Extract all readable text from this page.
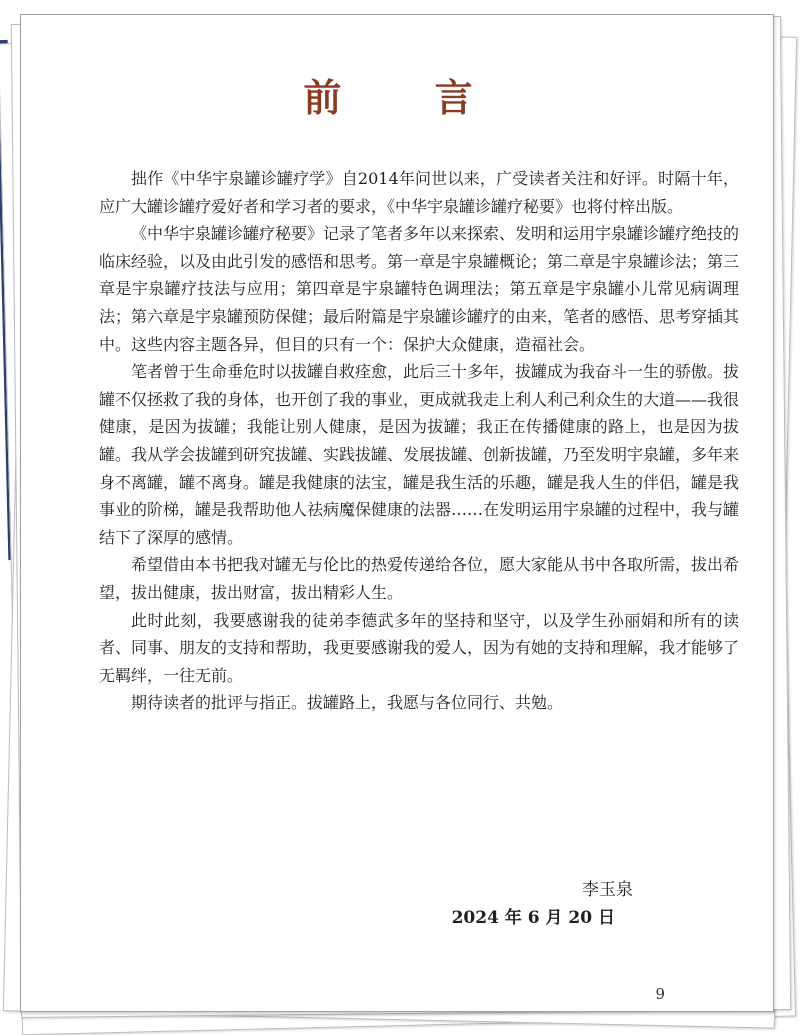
前 言

拙作《中华宇泉罐诊罐疗学》自2014年问世以来，广受读者关注和好评。时隔十年，应广大罐诊罐疗爱好者和学习者的要求，《中华宇泉罐诊罐疗秘要》也将付梓出版。

《中华宇泉罐诊罐疗秘要》记录了笔者多年以来探索、发明和运用宇泉罐诊罐疗绝技的临床经验，以及由此引发的感悟和思考。第一章是宇泉罐概论；第二章是宇泉罐诊法；第三章是宇泉罐疗技法与应用；第四章是宇泉罐特色调理法；第五章是宇泉罐小儿常见病调理法；第六章是宇泉罐预防保健；最后附篇是宇泉罐诊罐疗的由来，笔者的感悟、思考穿插其中。这些内容主题各异，但目的只有一个：保护大众健康，造福社会。

笔者曾于生命垂危时以拔罐自救痊愈，此后三十多年，拔罐成为我奋斗一生的骄傲。拔罐不仅拯救了我的身体，也开创了我的事业，更成就我走上利人利己利众生的大道——我很健康，是因为拔罐；我能让别人健康，是因为拔罐；我正在传播健康的路上，也是因为拔罐。我从学会拔罐到研究拔罐、实践拔罐、发展拔罐、创新拔罐，乃至发明宇泉罐，多年来身不离罐，罐不离身。罐是我健康的法宝，罐是我生活的乐趣，罐是我人生的伴侣，罐是我事业的阶梯，罐是我帮助他人祛病魔保健康的法器……在发明运用宇泉罐的过程中，我与罐结下了深厚的感情。

希望借由本书把我对罐无与伦比的热爱传递给各位，愿大家能从书中各取所需，拔出希望，拔出健康，拔出财富，拔出精彩人生。

此时此刻，我要感谢我的徒弟李德武多年的坚持和坚守，以及学生孙丽娟和所有的读者、同事、朋友的支持和帮助，我更要感谢我的爱人，因为有她的支持和理解，我才能够了无羁绊，一往无前。

期待读者的批评与指正。拔罐路上，我愿与各位同行、共勉。

李玉泉
2024 年 6 月 20 日
9
